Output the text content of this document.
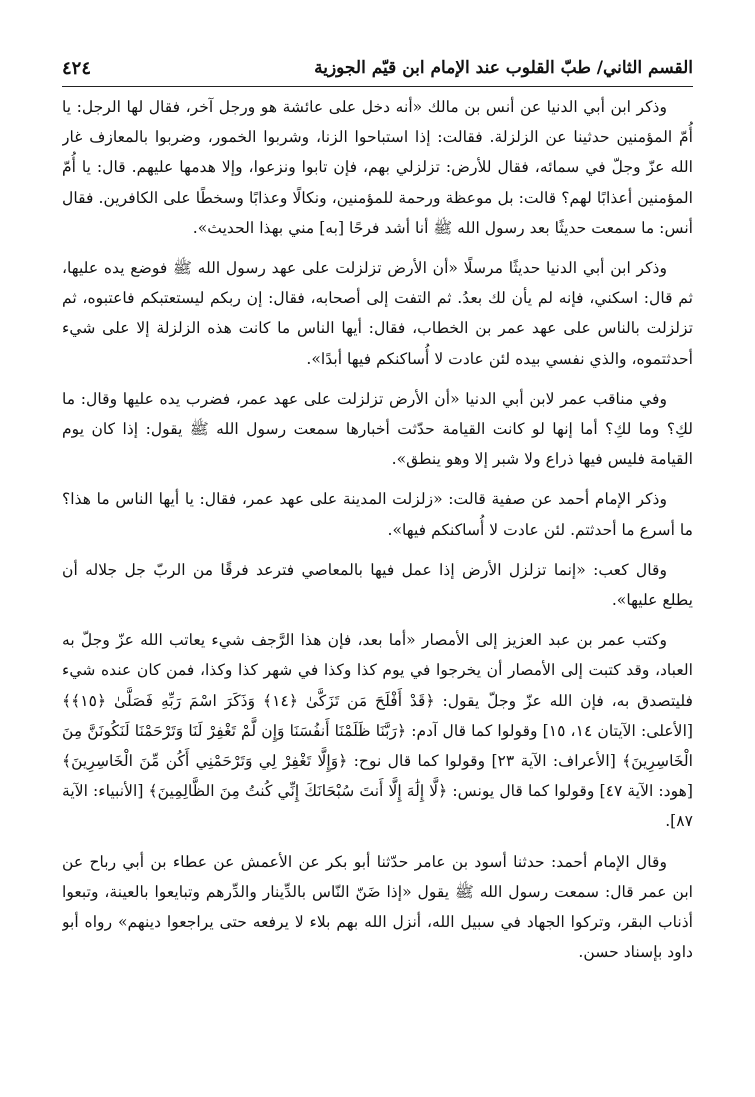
القسم الثاني/ طبّ القلوب عند الإمام ابن قيّم الجوزية
٤٢٤

وذكر ابن أبي الدنيا عن أنس بن مالك «أنه دخل على عائشة هو ورجل آخر، فقال لها الرجل: يا أُمّ المؤمنين حدثينا عن الزلزلة. فقالت: إذا استباحوا الزنا، وشربوا الخمور، وضربوا بالمعازف غار الله عزّ وجلّ في سمائه، فقال للأرض: تزلزلي بهم، فإن تابوا ونزعوا، وإلا هدمها عليهم. قال: يا أُمّ المؤمنين أعذابًا لهم؟ قالت: بل موعظة ورحمة للمؤمنين، ونكالًا وعذابًا وسخطًا على الكافرين. فقال أنس: ما سمعت حديثًا بعد رسول الله ﷺ أنا أشد فرحًا [به] مني بهذا الحديث».

وذكر ابن أبي الدنيا حديثًا مرسلًا «أن الأرض تزلزلت على عهد رسول الله ﷺ فوضع يده عليها، ثم قال: اسكني، فإنه لم يأن لك بعدُ. ثم التفت إلى أصحابه، فقال: إن ربكم ليستعتبكم فاعتبوه، ثم تزلزلت بالناس على عهد عمر بن الخطاب، فقال: أيها الناس ما كانت هذه الزلزلة إلا على شيء أحدثتموه، والذي نفسي بيده لئن عادت لا أُساكنكم فيها أبدًا».

وفي مناقب عمر لابن أبي الدنيا «أن الأرض تزلزلت على عهد عمر، فضرب يده عليها وقال: ما لكِ؟ وما لكِ؟ أما إنها لو كانت القيامة حدّثت أخبارها سمعت رسول الله ﷺ يقول: إذا كان يوم القيامة فليس فيها ذراع ولا شبر إلا وهو ينطق».

وذكر الإمام أحمد عن صفية قالت: «زلزلت المدينة على عهد عمر، فقال: يا أيها الناس ما هذا؟ ما أسرع ما أحدثتم. لئن عادت لا أُساكنكم فيها».

وقال كعب: «إنما تزلزل الأرض إذا عمل فيها بالمعاصي فترعد فرقًا من الربّ جل جلاله أن يطلع عليها».

وكتب عمر بن عبد العزيز إلى الأمصار «أما بعد، فإن هذا الرَّجف شيء يعاتب الله عزّ وجلّ به العباد، وقد كتبت إلى الأمصار أن يخرجوا في يوم كذا وكذا في شهر كذا وكذا، فمن كان عنده شيء فليتصدق به، فإن الله عزّ وجلّ يقول: ﴿قَدْ أَفْلَحَ مَن تَزَكَّىٰ ﴿١٤﴾ وَذَكَرَ اسْمَ رَبِّهِ فَصَلَّىٰ ﴿١٥﴾﴾ [الأعلى: الآيتان ١٤، ١٥] وقولوا كما قال آدم: ﴿رَبَّنَا ظَلَمْنَا أَنفُسَنَا وَإِن لَّمْ تَغْفِرْ لَنَا وَتَرْحَمْنَا لَنَكُونَنَّ مِنَ الْخَاسِرِينَ﴾ [الأعراف: الآية ٢٣] وقولوا كما قال نوح: ﴿وَإِلَّا تَغْفِرْ لِي وَتَرْحَمْنِي أَكُن مِّنَ الْخَاسِرِينَ﴾ [هود: الآية ٤٧] وقولوا كما قال يونس: ﴿لَّا إِلَٰهَ إِلَّا أَنتَ سُبْحَانَكَ إِنِّي كُنتُ مِنَ الظَّالِمِينَ﴾ [الأنبياء: الآية ٨٧].

وقال الإمام أحمد: حدثنا أسود بن عامر حدّثنا أبو بكر عن الأعمش عن عطاء بن أبي رباح عن ابن عمر قال: سمعت رسول الله ﷺ يقول «إذا ضَنّ النّاس بالدِّينار والدِّرهم وتبايعوا بالعينة، وتبعوا أذناب البقر، وتركوا الجهاد في سبيل الله، أنزل الله بهم بلاء لا يرفعه حتى يراجعوا دينهم» رواه أبو داود بإسناد حسن.
